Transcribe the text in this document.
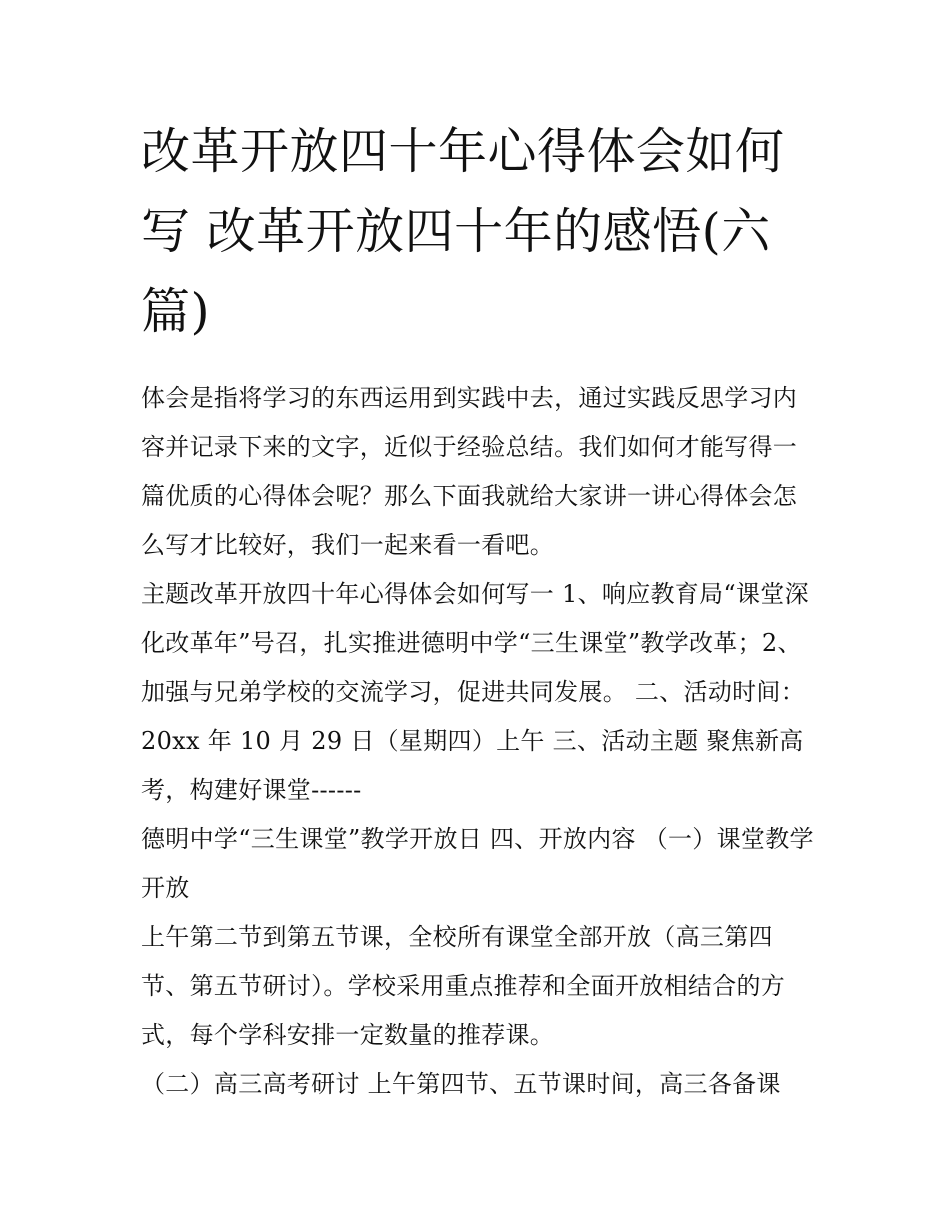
改革开放四十年心得体会如何写 改革开放四十年的感悟(六篇)

体会是指将学习的东西运用到实践中去，通过实践反思学习内容并记录下来的文字，近似于经验总结。我们如何才能写得一篇优质的心得体会呢？那么下面我就给大家讲一讲心得体会怎么写才比较好，我们一起来看一看吧。

主题改革开放四十年心得体会如何写一 1、响应教育局“课堂深化改革年”号召，扎实推进德明中学“三生课堂”教学改革；2、加强与兄弟学校的交流学习，促进共同发展。 二、活动时间：20xx 年 10 月 29 日（星期四）上午 三、活动主题 聚焦新高考，构建好课堂------

德明中学“三生课堂”教学开放日 四、开放内容 （一）课堂教学开放

上午第二节到第五节课，全校所有课堂全部开放（高三第四节、第五节研讨）。学校采用重点推荐和全面开放相结合的方式，每个学科安排一定数量的推荐课。

（二）高三高考研讨 上午第四节、五节课时间，高三各备课
